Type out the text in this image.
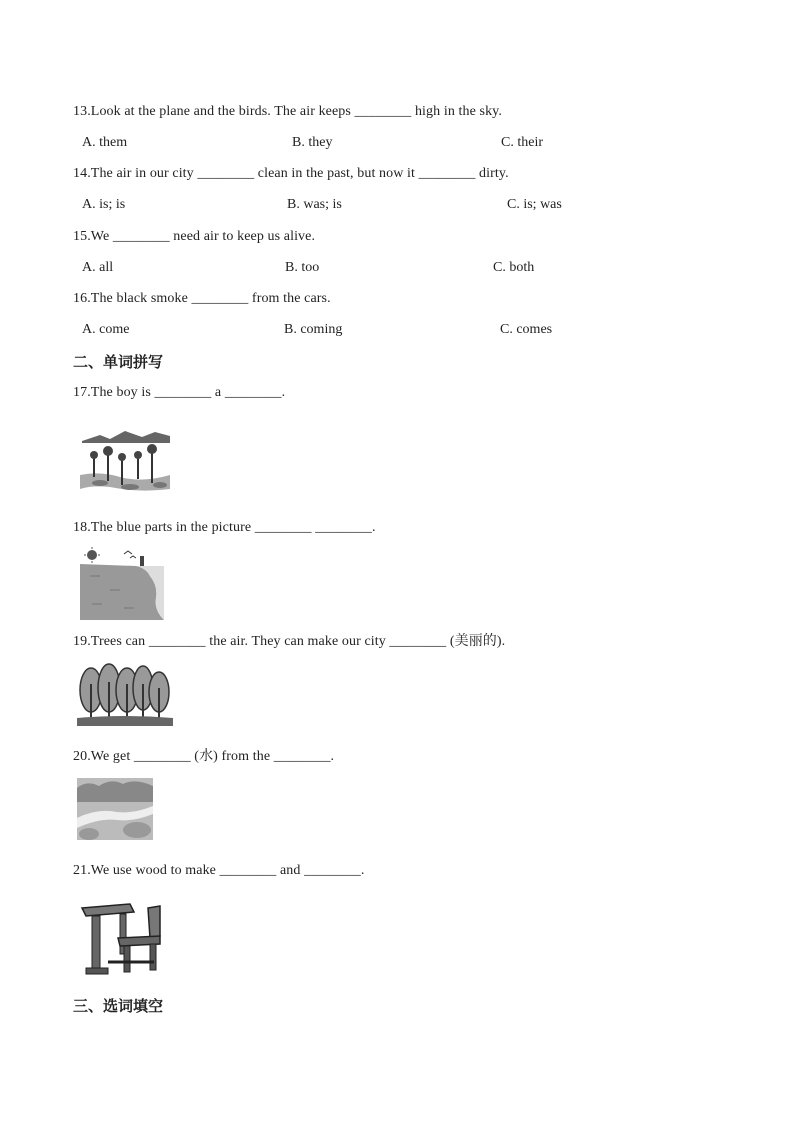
13.Look at the plane and the birds. The air keeps ________ high in the sky.
A. them	B. they	C. their
14.The air in our city ________ clean in the past, but now it ________ dirty.
A. is; is	B. was; is	C. is; was
15.We ________ need air to keep us alive.
A. all	B. too	C. both
16.The black smoke ________ from the cars.
A. come	B. coming	C. comes
二、单词拼写
17.The boy is ________ a ________.
18.The blue parts in the picture ________ ________.
19.Trees can ________ the air. They can make our city ________ (美丽的).
20.We get ________ (水) from the ________.
21.We use wood to make ________ and ________.
三、选词填空
